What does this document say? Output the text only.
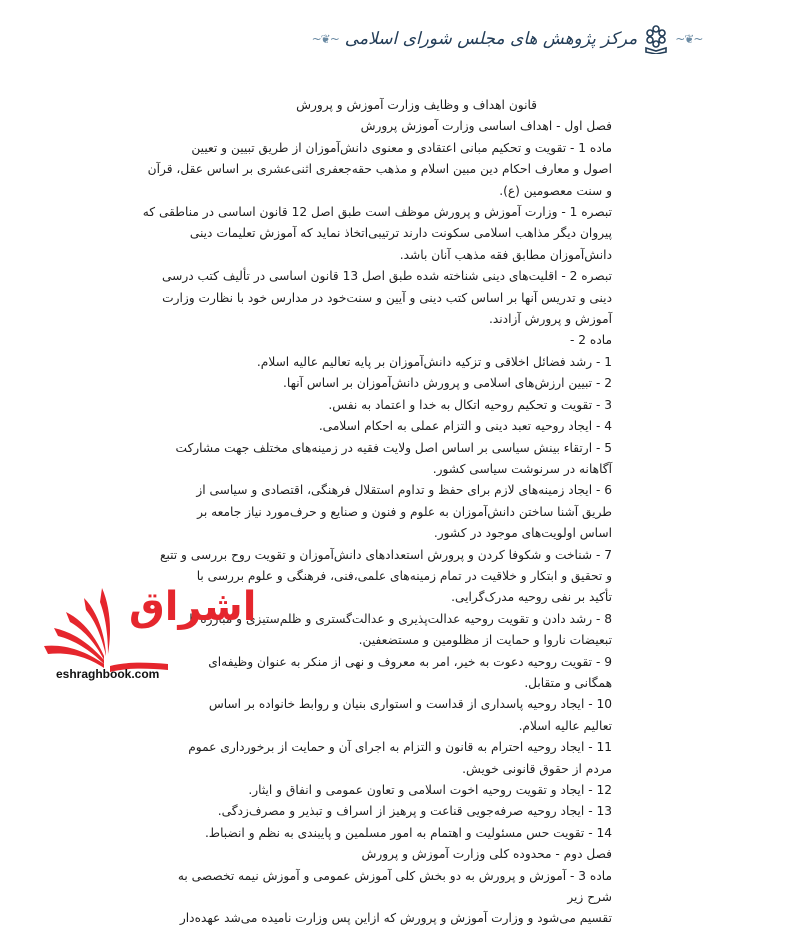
~❦~ مرکز پژوهش های مجلس شورای اسلامی	~❦~
قانون اهداف و وظایف وزارت آموزش و پرورش
فصل اول - اهداف اساسی وزارت آموزش پرورش
ماده 1 - تقویت و تحکیم مبانی اعتقادی و معنوی دانش‌آموزان از طریق تبیین و تعیین
اصول و معارف احکام دین مبین اسلام و مذهب حقه‌جعفری اثنی‌عشری بر اساس عقل، قرآن
و سنت معصومین (ع).
تبصره 1 - وزارت آموزش و پرورش موظف است طبق اصل 12 قانون اساسی در مناطقی که
پیروان دیگر مذاهب اسلامی سکونت دارند ترتیبی‌اتخاذ نماید که آموزش تعلیمات دینی
دانش‌آموزان مطابق فقه مذهب آنان باشد.
تبصره 2 - اقلیت‌های دینی شناخته شده طبق اصل 13 قانون اساسی در تألیف کتب درسی
دینی و تدریس آنها بر اساس کتب دینی و آیین و سنت‌خود در مدارس خود با نظارت وزارت
آموزش و پرورش آزادند.
ماده 2 -
1 - رشد فضائل اخلاقی و تزکیه دانش‌آموزان بر پایه تعالیم عالیه اسلام.
2 - تبیین ارزش‌های اسلامی و پرورش دانش‌آموزان بر اساس آنها.
3 - تقویت و تحکیم روحیه اتکال به خدا و اعتماد به نفس.
4 - ایجاد روحیه تعبد دینی و التزام عملی به احکام اسلامی.
5 - ارتقاء بینش سیاسی بر اساس اصل ولایت فقیه در زمینه‌های مختلف جهت مشارکت
آگاهانه در سرنوشت سیاسی کشور.
6 - ایجاد زمینه‌های لازم برای حفظ و تداوم استقلال فرهنگی، اقتصادی و سیاسی از
طریق آشنا ساختن دانش‌آموزان به علوم و فنون و صنایع و حرف‌مورد نیاز جامعه بر
اساس اولویت‌های موجود در کشور.
7 - شناخت و شکوفا کردن و پرورش استعدادهای دانش‌آموزان و تقویت روح بررسی و تتبع
و تحقیق و ابتکار و خلاقیت در تمام زمینه‌های علمی،فنی، فرهنگی و علوم بررسی با
تأکید بر نفی روحیه مدرک‌گرایی.
8 - رشد دادن و تقویت روحیه عدالت‌پذیری و عدالت‌گستری و ظلم‌ستیزی و مبارزه با
تبعیضات ناروا و حمایت از مظلومین و مستضعفین.
9 - تقویت روحیه دعوت به خیر، امر به معروف و نهی از منکر به عنوان وظیفه‌ای
همگانی و متقابل.
10 - ایجاد روحیه پاسداری از قداست و استواری بنیان و روابط خانواده بر اساس
تعالیم عالیه اسلام.
11 - ایجاد روحیه احترام به قانون و التزام به اجرای آن و حمایت از برخورداری عموم
مردم از حقوق قانونی خویش.
12 - ایجاد و تقویت روحیه اخوت اسلامی و تعاون عمومی و انفاق و ایثار.
13 - ایجاد روحیه صرفه‌جویی قناعت و پرهیز از اسراف و تبذیر و مصرف‌زدگی.
14 - تقویت حس مسئولیت و اهتمام به امور مسلمین و پایبندی به نظم و انضباط.
فصل دوم - محدوده کلی وزارت آموزش و پرورش
ماده 3 - آموزش و پرورش به دو بخش کلی آموزش عمومی و آموزش نیمه تخصصی به
شرح زیر
تقسیم می‌شود و وزارت آموزش و پرورش که ازاین پس وزارت نامیده می‌شد عهده‌دار
اشراق
eshraghbook.com
